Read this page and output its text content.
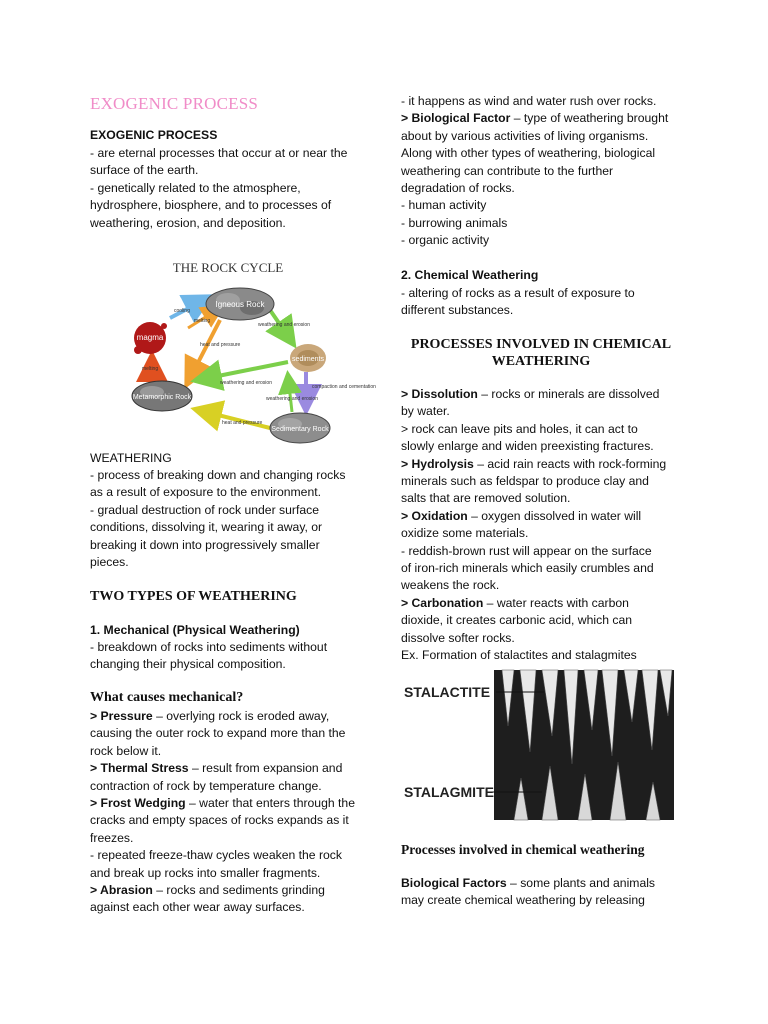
EXOGENIC PROCESS
EXOGENIC PROCESS
- are eternal processes that occur at or near the
surface of the earth.
- genetically related to the atmosphere,
hydrosphere, biosphere, and to processes of
weathering, erosion, and deposition.
THE ROCK CYCLE
Igneous Rock
magma
sediments
Metamorphic Rock
Sedimentary Rock
cooling
melting
weathering and erosion
heat and pressure
weathering and erosion
compaction and cementation
weathering and erosion
heat and pressure
melting
WEATHERING
- process of breaking down and changing rocks
as a result of exposure to the environment.
- gradual destruction of rock under surface
conditions, dissolving it, wearing it away, or
breaking it down into progressively smaller
pieces.
TWO TYPES OF WEATHERING
1. Mechanical (Physical Weathering)
- breakdown of rocks into sediments without
changing their physical composition.
What causes mechanical?
> Pressure – overlying rock is eroded away,
causing the outer rock to expand more than the
rock below it.
> Thermal Stress – result from expansion and
contraction of rock by temperature change.
> Frost Wedging – water that enters through the
cracks and empty spaces of rocks expands as it
freezes.
- repeated freeze-thaw cycles weaken the rock
and break up rocks into smaller fragments.
> Abrasion – rocks and sediments grinding
against each other wear away surfaces.
- it happens as wind and water rush over rocks.
> Biological Factor – type of weathering brought
about by various activities of living organisms.
Along with other types of weathering, biological
weathering can contribute to the further
degradation of rocks.
- human activity
- burrowing animals
- organic activity
2. Chemical Weathering
- altering of rocks as a result of exposure to
different substances.
PROCESSES INVOLVED IN CHEMICAL
WEATHERING
> Dissolution – rocks or minerals are dissolved
by water.
> rock can leave pits and holes, it can act to
slowly enlarge and widen preexisting fractures.
> Hydrolysis – acid rain reacts with rock-forming
minerals such as feldspar to produce clay and
salts that are removed solution.
> Oxidation – oxygen dissolved in water will
oxidize some materials.
- reddish-brown rust will appear on the surface
of iron-rich minerals which easily crumbles and
weakens the rock.
> Carbonation – water reacts with carbon
dioxide, it creates carbonic acid, which can
dissolve softer rocks.
Ex. Formation of stalactites and stalagmites
STALACTITE
STALAGMITE
Processes involved in chemical weathering
Biological Factors – some plants and animals
may create chemical weathering by releasing
